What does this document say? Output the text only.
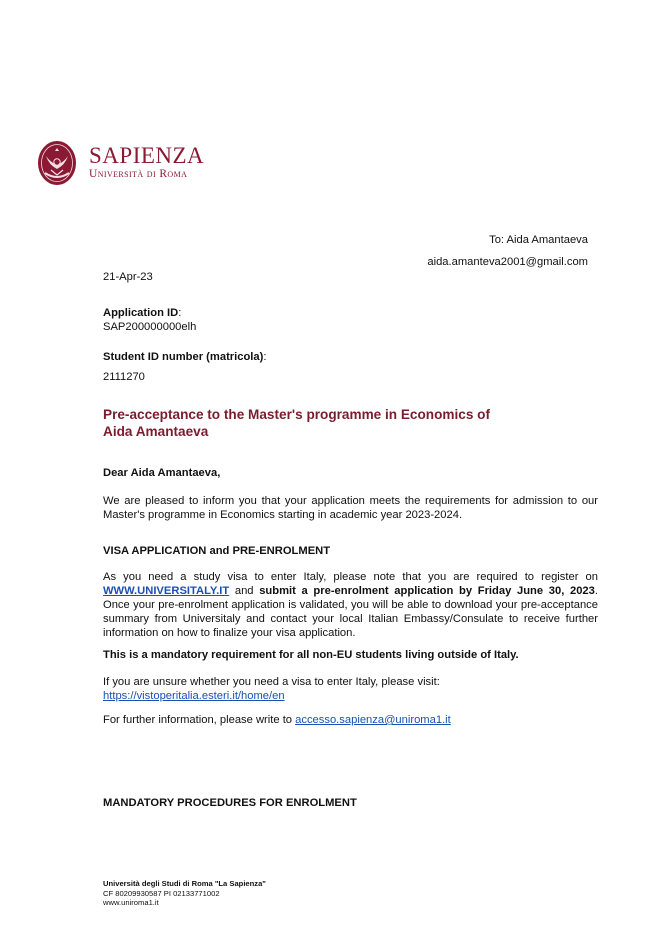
SAPIENZA
Università di Roma
To: Aida Amantaeva
aida.amanteva2001@gmail.com
21-Apr-23
Application ID:
SAP200000000elh
Student ID number (matricola):
2111270
Pre-acceptance to the Master's programme in Economics of Aida Amantaeva
Dear Aida Amantaeva,
We are pleased to inform you that your application meets the requirements for admission to our Master's programme in Economics starting in academic year 2023-2024.
VISA APPLICATION and PRE-ENROLMENT
As you need a study visa to enter Italy, please note that you are required to register on WWW.UNIVERSITALY.IT and submit a pre-enrolment application by Friday June 30, 2023. Once your pre-enrolment application is validated, you will be able to download your pre-acceptance summary from Universitaly and contact your local Italian Embassy/Consulate to receive further information on how to finalize your visa application.
This is a mandatory requirement for all non-EU students living outside of Italy.
If you are unsure whether you need a visa to enter Italy, please visit:
https://vistoperitalia.esteri.it/home/en
For further information, please write to accesso.sapienza@uniroma1.it
MANDATORY PROCEDURES FOR ENROLMENT
Università degli Studi di Roma "La Sapienza"
CF 80209930587 PI 02133771002
www.uniroma1.it
